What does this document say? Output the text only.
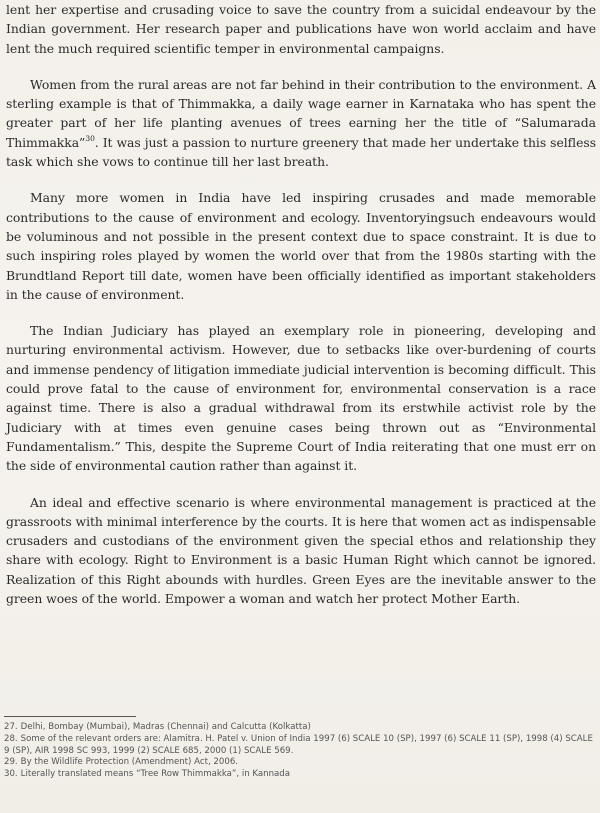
lent her expertise and crusading voice to save the country from a suicidal endeavour by the Indian government. Her research paper and publications have won world acclaim and have lent the much required scientific temper in environmental campaigns.

Women from the rural areas are not far behind in their contribution to the environment. A sterling example is that of Thimmakka, a daily wage earner in Karnataka who has spent the greater part of her life planting avenues of trees earning her the title of “Salumarada Thimmakka”$^{30}$. It was just a passion to nurture greenery that made her undertake this selfless task which she vows to continue till her last breath.

Many more women in India have led inspiring crusades and made memorable contributions to the cause of environment and ecology. Inventoryingsuch endeavours would be voluminous and not possible in the present context due to space constraint. It is due to such inspiring roles played by women the world over that from the 1980s starting with the Brundtland Report till date, women have been officially identified as important stakeholders in the cause of environment.

The Indian Judiciary has played an exemplary role in pioneering, developing and nurturing environmental activism. However, due to setbacks like over-burdening of courts and immense pendency of litigation immediate judicial intervention is becoming difficult. This could prove fatal to the cause of environment for, environmental conservation is a race against time. There is also a gradual withdrawal from its erstwhile activist role by the Judiciary with at times even genuine cases being thrown out as “Environmental Fundamentalism.” This, despite the Supreme Court of India reiterating that one must err on the side of environmental caution rather than against it.

An ideal and effective scenario is where environmental management is practiced at the grassroots with minimal interference by the courts. It is here that women act as indispensable crusaders and custodians of the environment given the special ethos and relationship they share with ecology. Right to Environment is a basic Human Right which cannot be ignored. Realization of this Right abounds with hurdles. Green Eyes are the inevitable answer to the green woes of the world. Empower a woman and watch her protect Mother Earth.

27. Delhi, Bombay (Mumbai), Madras (Chennai) and Calcutta (Kolkatta)

28. Some of the relevant orders are: Alamitra. H. Patel v. Union of India 1997 (6) SCALE 10 (SP), 1997 (6) SCALE 11 (SP), 1998 (4) SCALE 9 (SP), AIR 1998 SC 993, 1999 (2) SCALE 685, 2000 (1) SCALE 569.

29. By the Wildlife Protection (Amendment) Act, 2006.

30. Literally translated means “Tree Row Thimmakka”, in Kannada
